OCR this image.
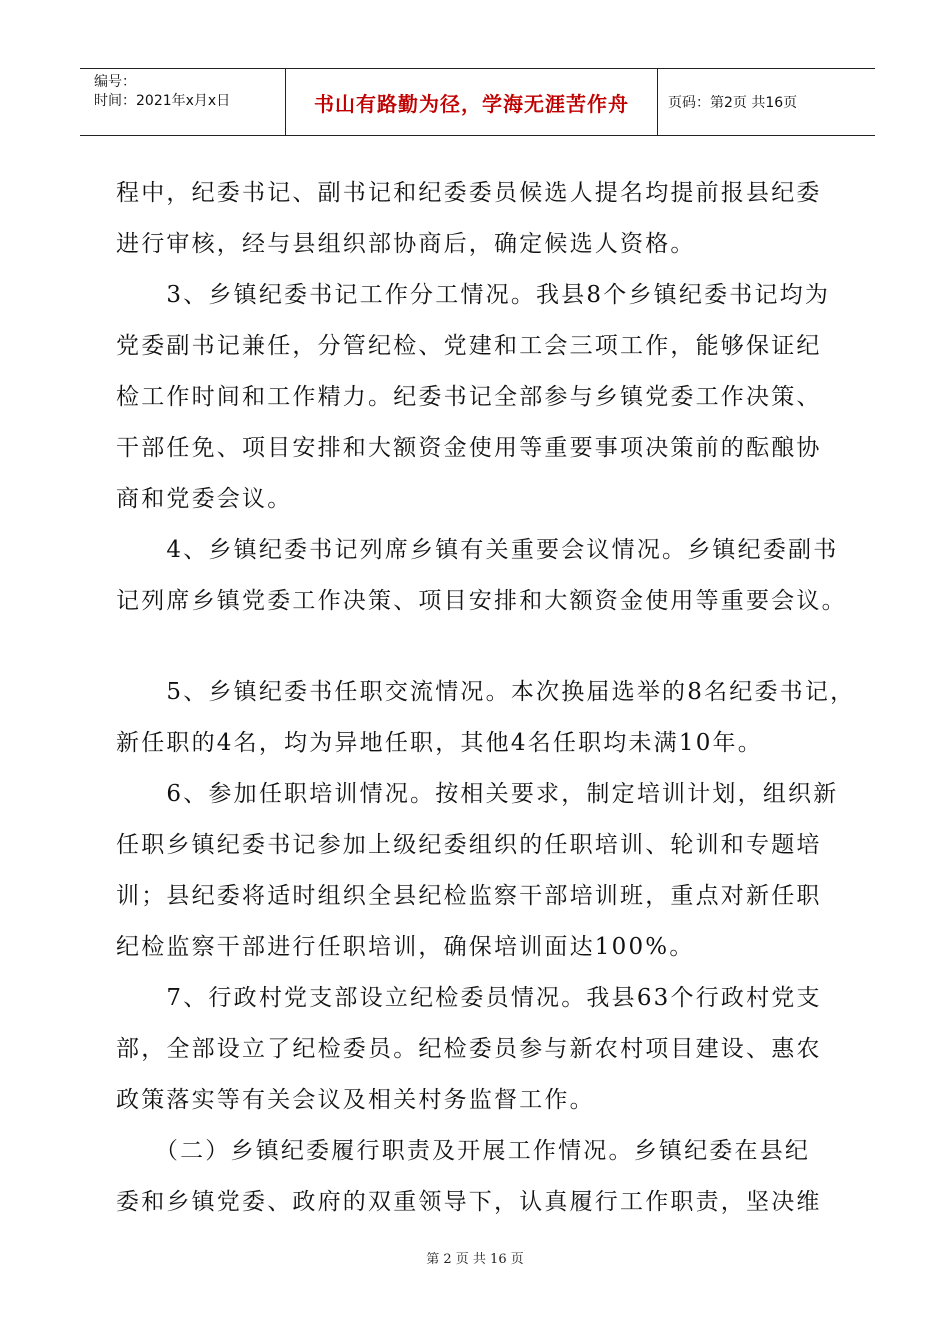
编号：
时间：2021年x月x日	书山有路勤为径，学海无涯苦作舟	页码：第2页 共16页

程中，纪委书记、副书记和纪委委员候选人提名均提前报县纪委

进行审核，经与县组织部协商后，确定候选人资格。

　　3、乡镇纪委书记工作分工情况。我县8个乡镇纪委书记均为

党委副书记兼任，分管纪检、党建和工会三项工作，能够保证纪

检工作时间和工作精力。纪委书记全部参与乡镇党委工作决策、

干部任免、项目安排和大额资金使用等重要事项决策前的酝酿协

商和党委会议。

　　4、乡镇纪委书记列席乡镇有关重要会议情况。乡镇纪委副书

记列席乡镇党委工作决策、项目安排和大额资金使用等重要会议。

　　5、乡镇纪委书任职交流情况。本次换届选举的8名纪委书记，

新任职的4名，均为异地任职，其他4名任职均未满10年。

　　6、参加任职培训情况。按相关要求，制定培训计划，组织新

任职乡镇纪委书记参加上级纪委组织的任职培训、轮训和专题培

训；县纪委将适时组织全县纪检监察干部培训班，重点对新任职

纪检监察干部进行任职培训，确保培训面达100%。

　　7、行政村党支部设立纪检委员情况。我县63个行政村党支

部，全部设立了纪检委员。纪检委员参与新农村项目建设、惠农

政策落实等有关会议及相关村务监督工作。

　　（二）乡镇纪委履行职责及开展工作情况。乡镇纪委在县纪

委和乡镇党委、政府的双重领导下，认真履行工作职责，坚决维

第 2 页 共 16 页
